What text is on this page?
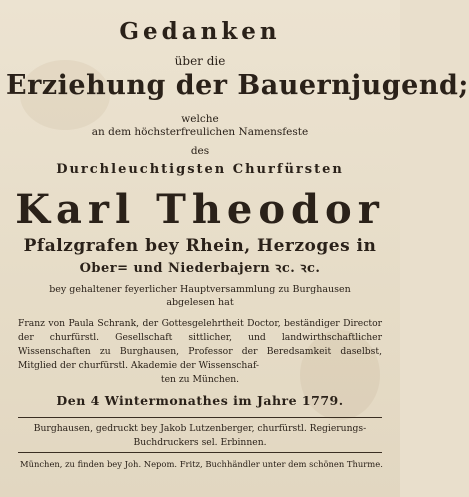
Gedanken
über die
Erziehung der Bauernjugend;
welche
an dem höchsterfreulichen Namensfeste
des
Durchleuchtigsten Churfürsten
Karl Theodor
Pfalzgrafen bey Rhein, Herzoges in
Ober= und Niederbajern ꝛc. ꝛc.
bey gehaltener feyerlicher Hauptversammlung zu Burghausen
abgelesen hat
Franz von Paula Schrank, der Gottesgelehrtheit Doctor, beständiger Director der churfürstl. Gesellschaft sittlicher, und landwirthschaftlicher Wissenschaften zu Burghausen, Professor der Beredsamkeit daselbst, Mitglied der churfürstl. Akademie der Wissenschaf-
ten zu München.
Den 4 Wintermonathes im Jahre 1779.
Burghausen, gedruckt bey Jakob Lutzenberger, churfürstl. Regierungs-Buchdruckers sel. Erbinnen.
München, zu finden bey Joh. Nepom. Fritz, Buchhändler unter dem schönen Thurme.
